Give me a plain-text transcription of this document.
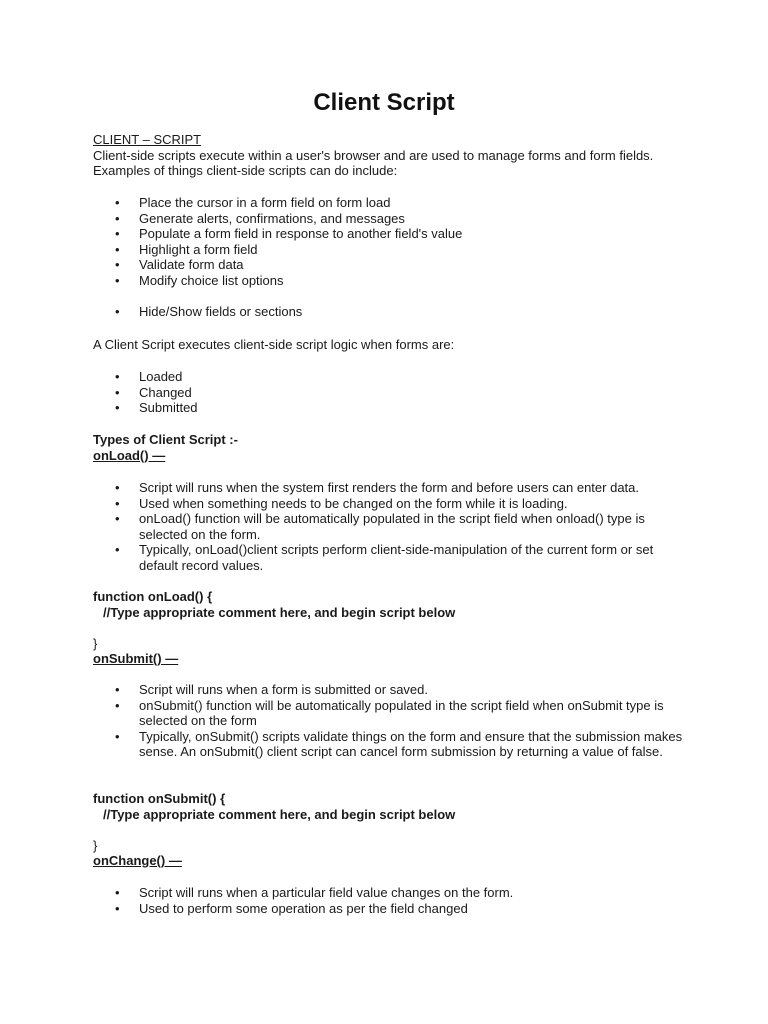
Client Script

CLIENT – SCRIPT

Client-side scripts execute within a user's browser and are used to manage forms and form fields.

Examples of things client-side scripts can do include:

• Place the cursor in a form field on form load
• Generate alerts, confirmations, and messages
• Populate a form field in response to another field's value
• Highlight a form field
• Validate form data
• Modify choice list options
• Hide/Show fields or sections
A Client Script executes client-side script logic when forms are:
• Loaded
• Changed
• Submitted

Types of Client Script :-

onLoad() —

• Script will runs when the system first renders the form and before users can enter data.
• Used when something needs to be changed on the form while it is loading.
• onLoad() function will be automatically populated in the script field when onload() type is selected on the form.
• Typically, onLoad()client scripts perform client-side-manipulation of the current form or set default record values.

function onLoad() {

//Type appropriate comment here, and begin script below

}

onSubmit() —

• Script will runs when a form is submitted or saved.
• onSubmit() function will be automatically populated in the script field when onSubmit type is selected on the form
• Typically, onSubmit() scripts validate things on the form and ensure that the submission makes sense. An onSubmit() client script can cancel form submission by returning a value of false.

function onSubmit() {

//Type appropriate comment here, and begin script below

}

onChange() —

• Script will runs when a particular field value changes on the form.
• Used to perform some operation as per the field changed
